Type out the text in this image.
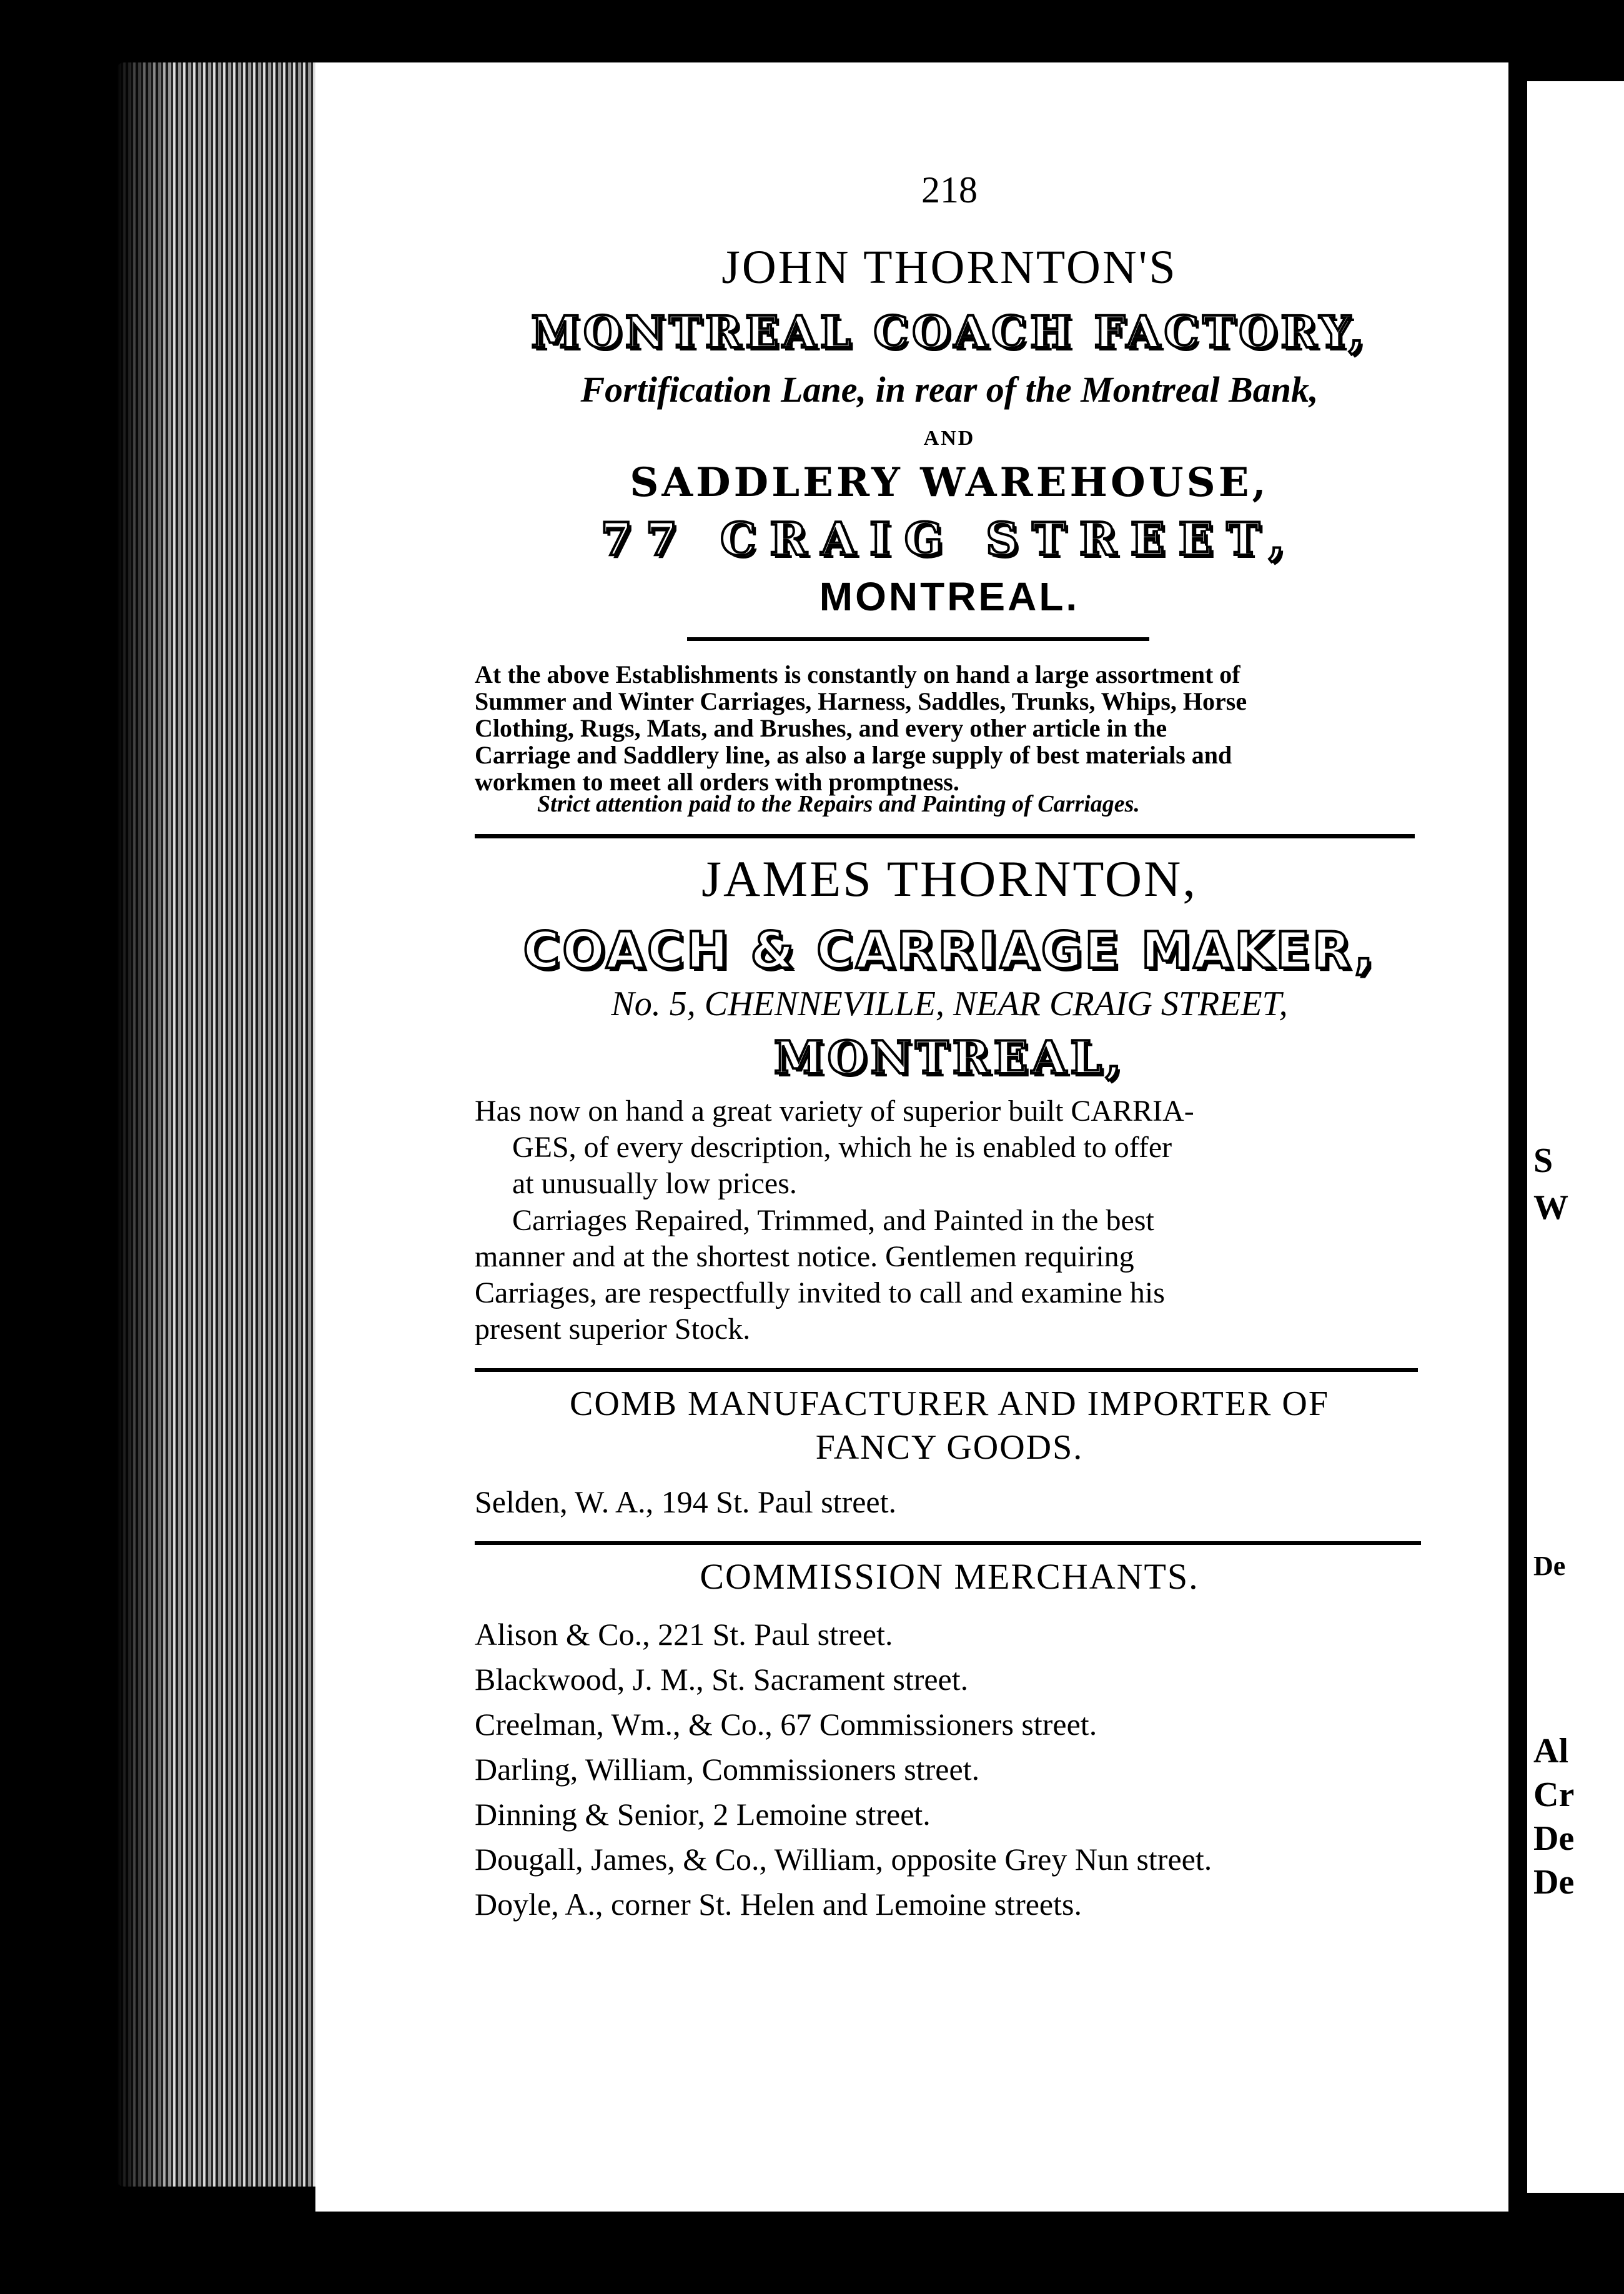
S
W
De
Al
Cr
De
De
218
JOHN THORNTON'S
MONTREAL COACH FACTORY,
Fortification Lane, in rear of the Montreal Bank,
AND
SADDLERY WAREHOUSE,
77 CRAIG STREET,
MONTREAL.
At the above Establishments is constantly on hand a large assortment of
Summer and Winter Carriages, Harness, Saddles, Trunks, Whips, Horse
Clothing, Rugs, Mats, and Brushes, and every other article in the
Carriage and Saddlery line, as also a large supply of best materials and
workmen to meet all orders with promptness.
Strict attention paid to the Repairs and Painting of Carriages.
JAMES THORNTON,
COACH & CARRIAGE MAKER,
No. 5, CHENNEVILLE, NEAR CRAIG STREET,
MONTREAL,
Has now on hand a great variety of superior built CARRIA-
GES, of every description, which he is enabled to offer
at unusually low prices.
Carriages Repaired, Trimmed, and Painted in the best
manner and at the shortest notice. Gentlemen requiring
Carriages, are respectfully invited to call and examine his
present superior Stock.
COMB MANUFACTURER AND IMPORTER OF
FANCY GOODS.
Selden, W. A., 194 St. Paul street.
COMMISSION MERCHANTS.
Alison & Co., 221 St. Paul street.
Blackwood, J. M., St. Sacrament street.
Creelman, Wm., & Co., 67 Commissioners street.
Darling, William, Commissioners street.
Dinning & Senior, 2 Lemoine street.
Dougall, James, & Co., William, opposite Grey Nun street.
Doyle, A., corner St. Helen and Lemoine streets.
